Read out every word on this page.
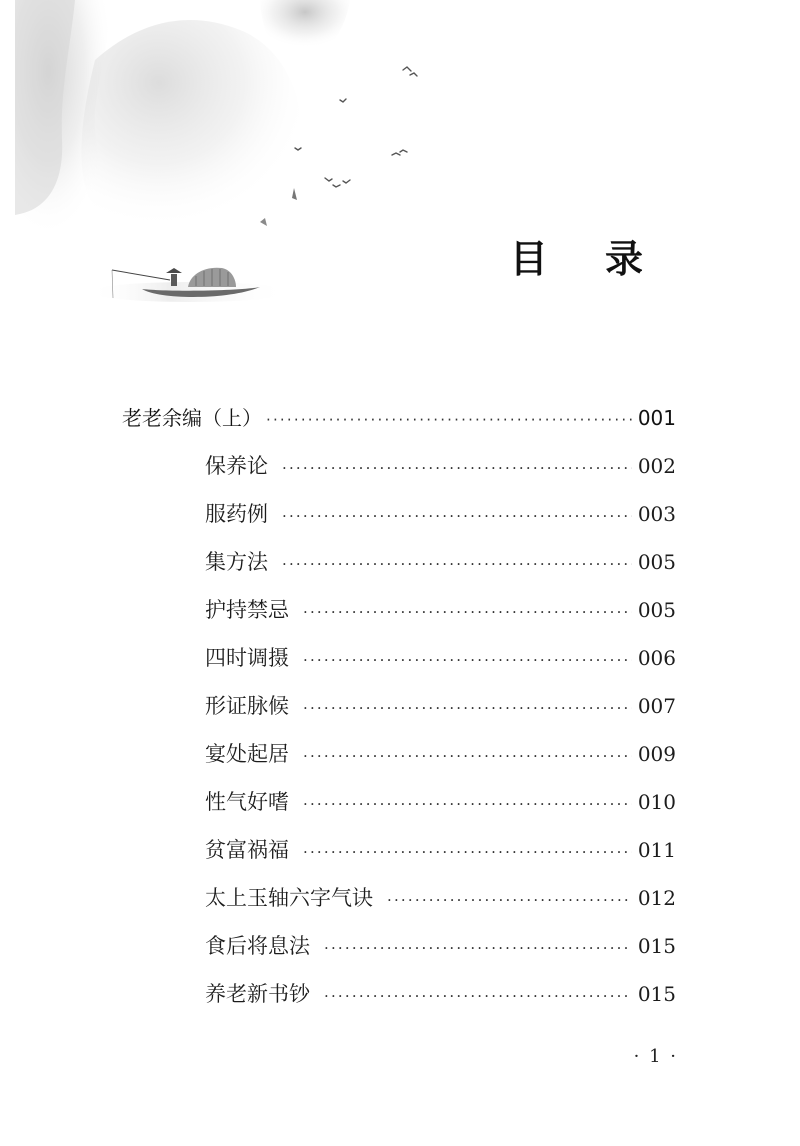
目 录
老老余编（上） ·····	001
保养论 ·····	002
服药例 ·····	003
集方法 ·····	005
护持禁忌 ·····	005
四时调摄 ·····	006
形证脉候 ·····	007
宴处起居 ·····	009
性气好嗜 ·····	010
贫富祸福 ·····	011
太上玉轴六字气诀 ·····	012
食后将息法 ·····	015
养老新书钞 ·····	015
· 1 ·
